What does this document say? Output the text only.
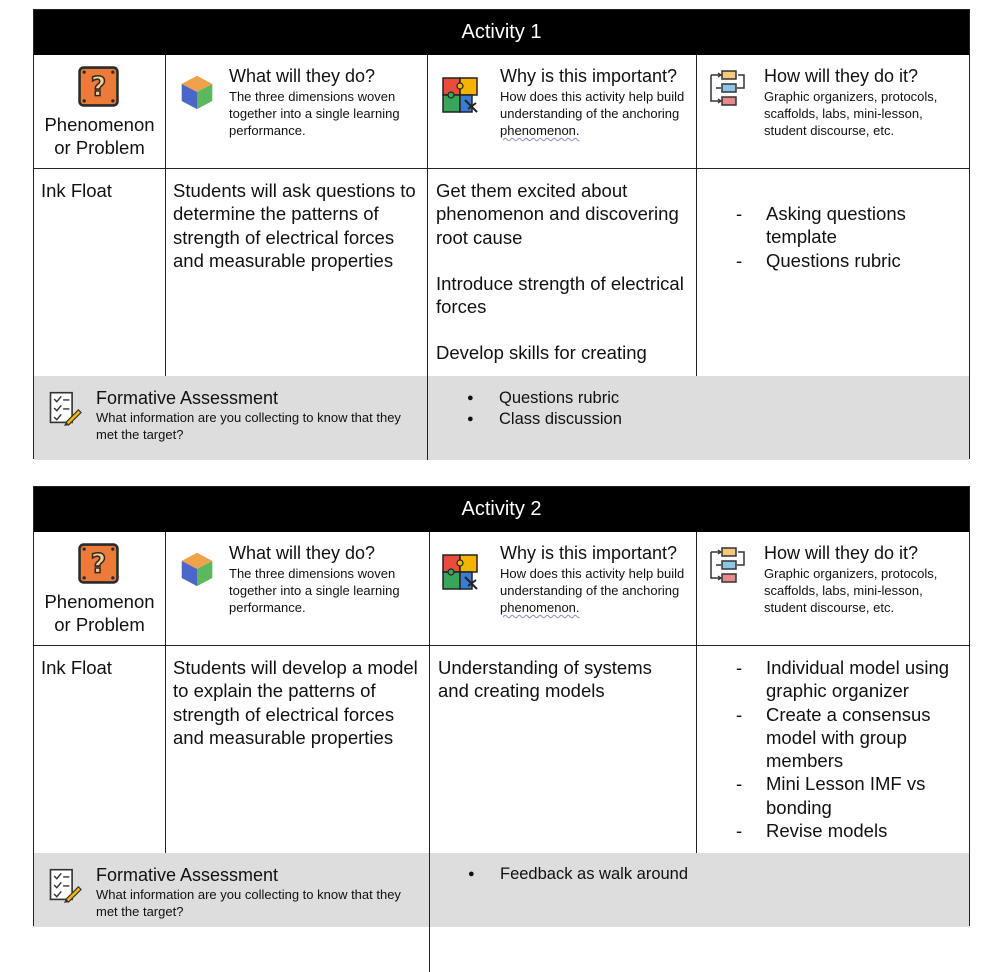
Activity 1
Phenomenon or Problem
What will they do?
The three dimensions woven together into a single learning performance.
Why is this important?
How does this activity help build understanding of the anchoring phenomenon.
How will they do it?
Graphic organizers, protocols, scaffolds, labs, mini-lesson, student discourse, etc.
Ink Float	Students will ask questions to determine the patterns of strength of electrical forces and measurable properties
Get them excited about phenomenon and discovering root cause
Introduce strength of electrical forces
Develop skills for creating
- Asking questions template
- Questions rubric
Formative Assessment
What information are you collecting to know that they met the target?
● Questions rubric
● Class discussion
Activity 2
Phenomenon or Problem
What will they do?
The three dimensions woven together into a single learning performance.
Why is this important?
How does this activity help build understanding of the anchoring phenomenon.
How will they do it?
Graphic organizers, protocols, scaffolds, labs, mini-lesson, student discourse, etc.
Ink Float	Students will develop a model to explain the patterns of strength of electrical forces and measurable properties
Understanding of systems and creating models
- Individual model using graphic organizer
- Create a consensus model with group members
- Mini Lesson IMF vs bonding
- Revise models
Formative Assessment
What information are you collecting to know that they met the target?
● Feedback as walk around
